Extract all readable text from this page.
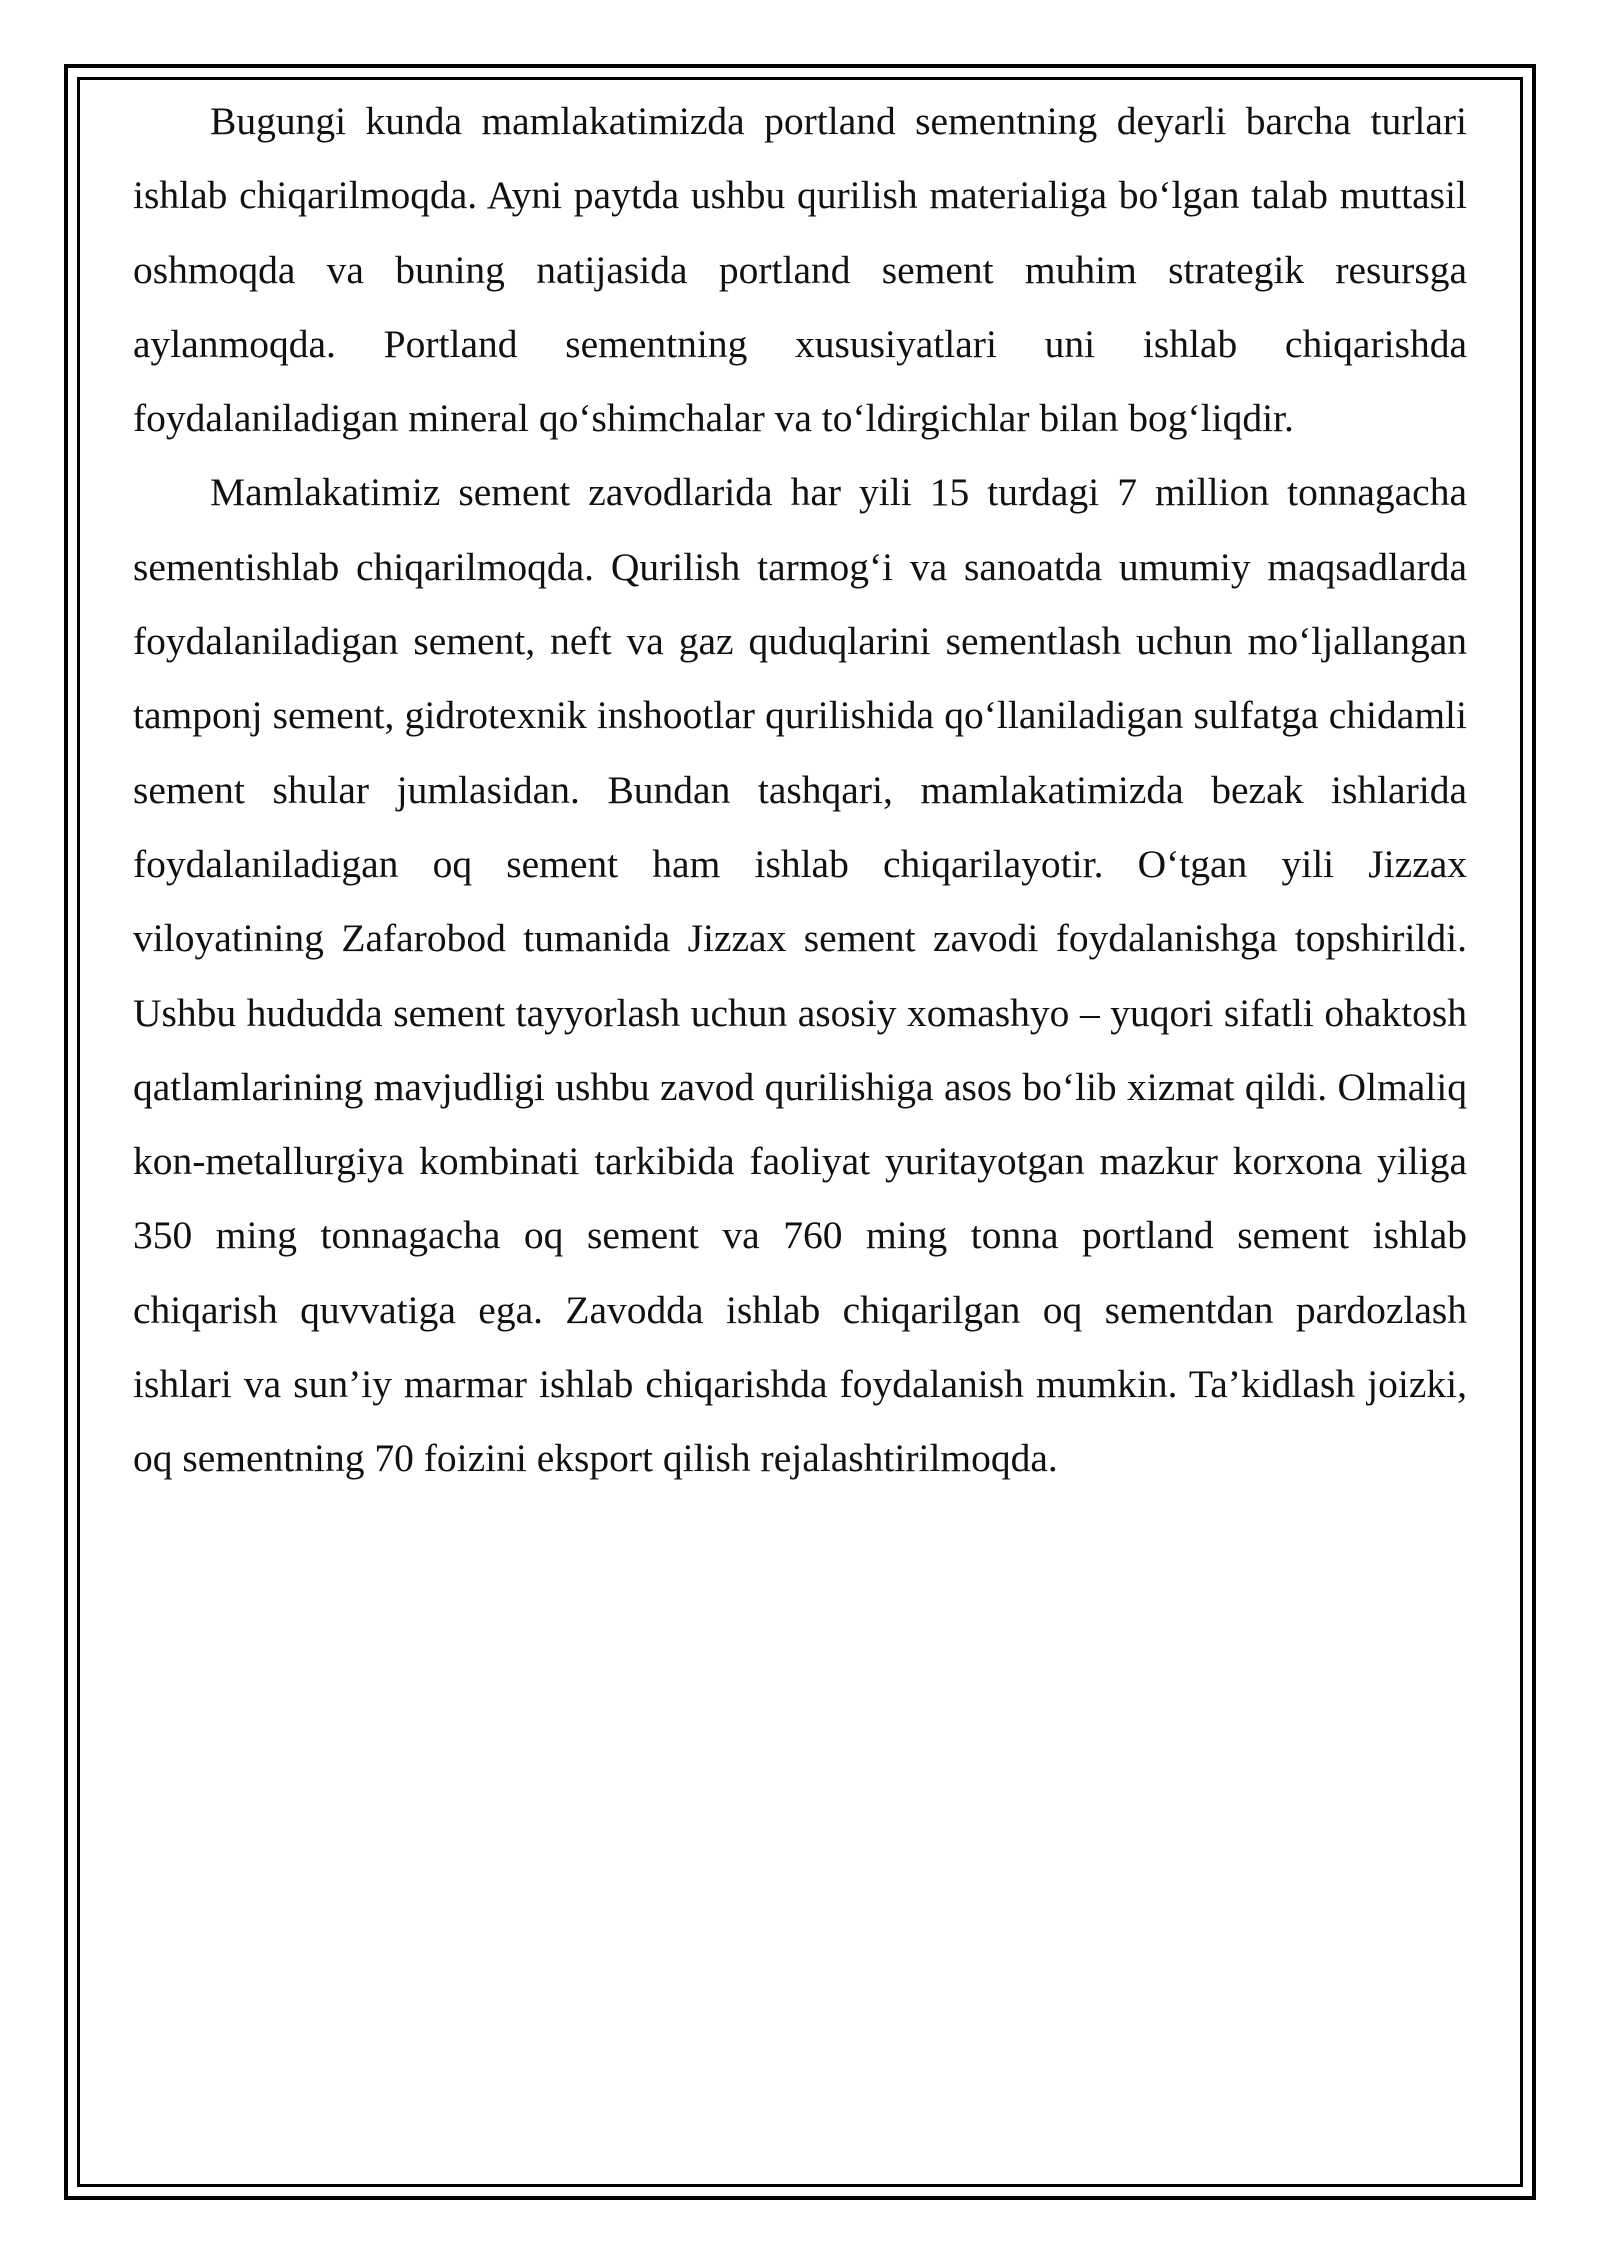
Bugungi kunda mamlakatimizda portland sementning deyarli barcha turlari ishlab chiqarilmoqda. Ayni paytda ushbu qurilish materialiga bo‘lgan talab muttasil oshmoqda va buning natijasida portland sement muhim strategik resursga aylanmoqda. Portland sementning xususiyatlari uni ishlab chiqarishda foydalaniladigan mineral qo‘shimchalar va to‘ldirgichlar bilan bog‘liqdir.

Mamlakatimiz sement zavodlarida har yili 15 turdagi 7 million tonnagacha sementishlab chiqarilmoqda. Qurilish tarmog‘i va sanoatda umumiy maqsadlarda foydalaniladigan sement, neft va gaz quduqlarini sementlash uchun mo‘ljallangan tamponj sement, gidrotexnik inshootlar qurilishida qo‘llaniladigan sulfatga chidamli sement shular jumlasidan. Bundan tashqari, mamlakatimizda bezak ishlarida foydalaniladigan oq sement ham ishlab chiqarilayotir. O‘tgan yili Jizzax viloyatining Zafarobod tumanida Jizzax sement zavodi foydalanishga topshirildi. Ushbu hududda sement tayyorlash uchun asosiy xomashyo – yuqori sifatli ohaktosh qatlamlarining mavjudligi ushbu zavod qurilishiga asos bo‘lib xizmat qildi. Olmaliq kon-metallurgiya kombinati tarkibida faoliyat yuritayotgan mazkur korxona yiliga 350 ming tonnagacha oq sement va 760 ming tonna portland sement ishlab chiqarish quvvatiga ega. Zavodda ishlab chiqarilgan oq sementdan pardozlash ishlari va sun’iy marmar ishlab chiqarishda foydalanish mumkin. Ta’kidlash joizki, oq sementning 70 foizini eksport qilish rejalashtirilmoqda.
